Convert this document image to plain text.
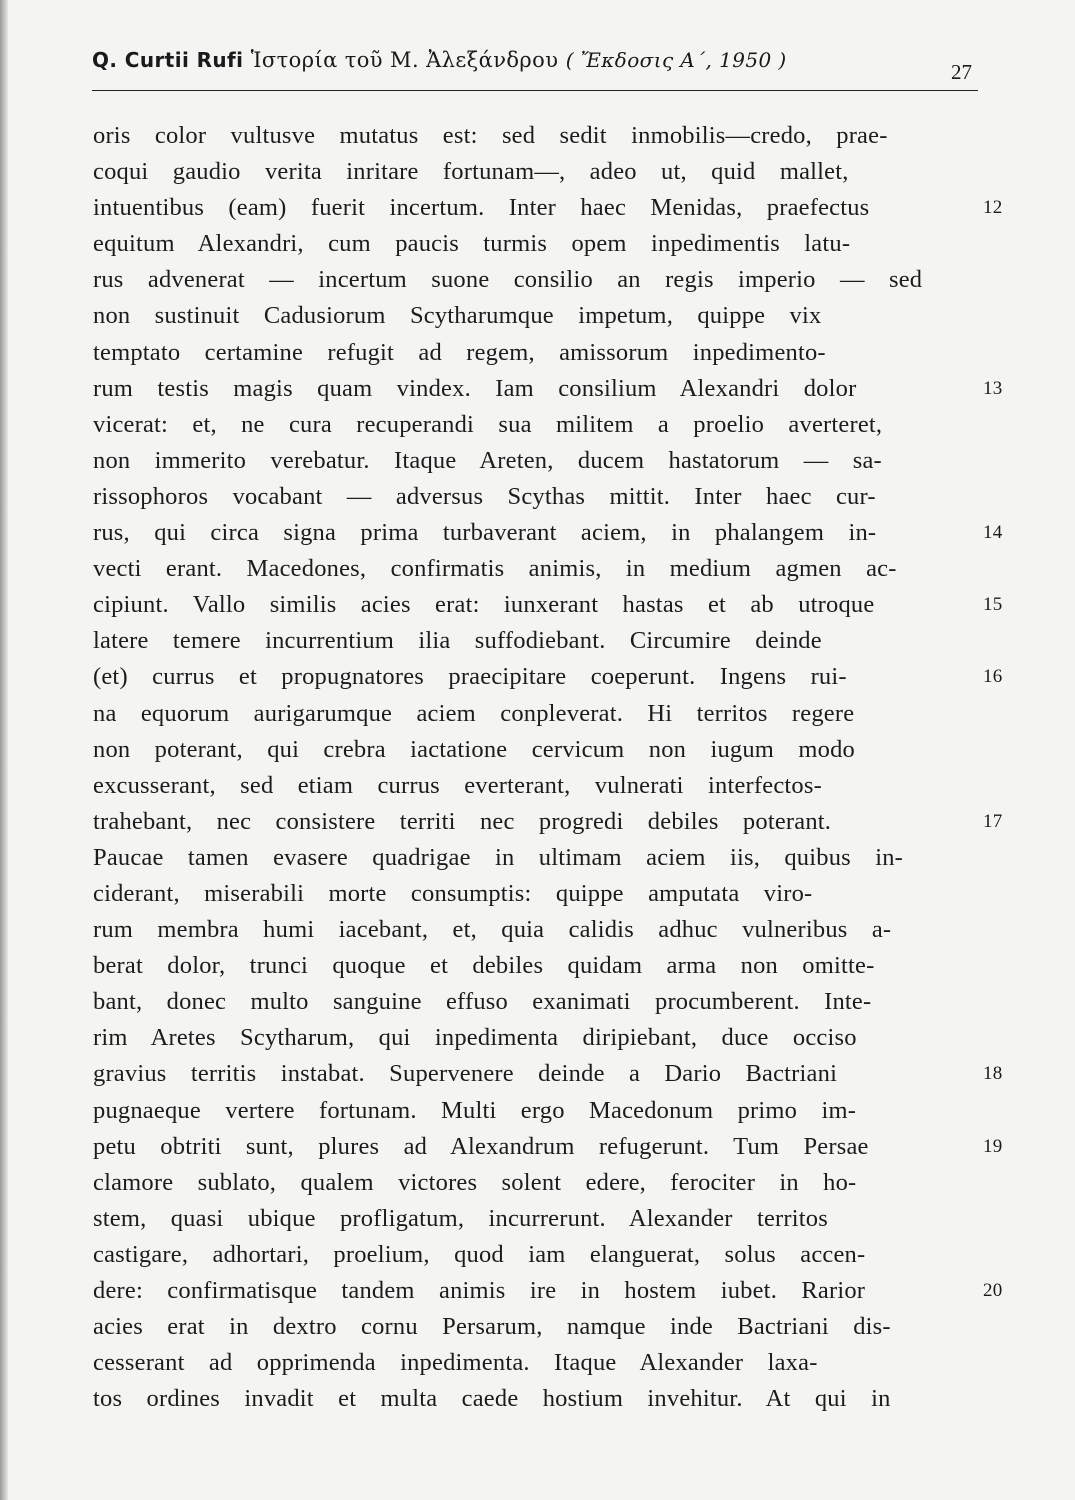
Q. Curtii Rufi Ἱστορία τοῦ Μ. Ἀλεξάνδρου ( Ἔκδοσις Α΄, 1950 )	27
oris color vultusve mutatus est: sed sedit inmobilis—credo, prae-
coqui gaudio verita inritare fortunam—, adeo ut, quid mallet,
intuentibus (eam) fuerit incertum. Inter haec Menidas, praefectus	12
equitum Alexandri, cum paucis turmis opem inpedimentis latu-
rus advenerat — incertum suone consilio an regis imperio — sed
non sustinuit Cadusiorum Scytharumque impetum, quippe vix
temptato certamine refugit ad regem, amissorum inpedimento-
rum testis magis quam vindex. Iam consilium Alexandri dolor	13
vicerat: et, ne cura recuperandi sua militem a proelio averteret,
non immerito verebatur. Itaque Areten, ducem hastatorum — sa-
rissophoros vocabant — adversus Scythas mittit. Inter haec cur-
rus, qui circa signa prima turbaverant aciem, in phalangem in-	14
vecti erant. Macedones, confirmatis animis, in medium agmen ac-
cipiunt. Vallo similis acies erat: iunxerant hastas et ab utroque	15
latere temere incurrentium ilia suffodiebant. Circumire deinde
(et) currus et propugnatores praecipitare coeperunt. Ingens rui-	16
na equorum aurigarumque aciem conpleverat. Hi territos regere
non poterant, qui crebra iactatione cervicum non iugum modo
excusserant, sed etiam currus everterant, vulnerati interfectos-
trahebant, nec consistere territi nec progredi debiles poterant.	17
Paucae tamen evasere quadrigae in ultimam aciem iis, quibus in-
ciderant, miserabili morte consumptis: quippe amputata viro-
rum membra humi iacebant, et, quia calidis adhuc vulneribus a-
berat dolor, trunci quoque et debiles quidam arma non omitte-
bant, donec multo sanguine effuso exanimati procumberent. Inte-
rim Aretes Scytharum, qui inpedimenta diripiebant, duce occiso
gravius territis instabat. Supervenere deinde a Dario Bactriani	18
pugnaeque vertere fortunam. Multi ergo Macedonum primo im-
petu obtriti sunt, plures ad Alexandrum refugerunt. Tum Persae	19
clamore sublato, qualem victores solent edere, ferociter in ho-
stem, quasi ubique profligatum, incurrerunt. Alexander territos
castigare, adhortari, proelium, quod iam elanguerat, solus accen-
dere: confirmatisque tandem animis ire in hostem iubet. Rarior	20
acies erat in dextro cornu Persarum, namque inde Bactriani dis-
cesserant ad opprimenda inpedimenta. Itaque Alexander laxa-
tos ordines invadit et multa caede hostium invehitur. At qui in
